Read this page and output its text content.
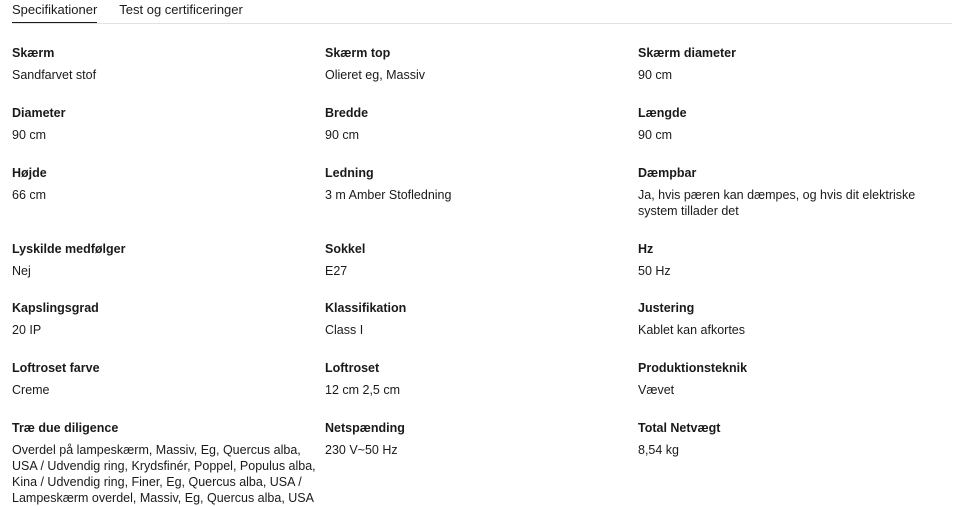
Specifikationer Test og certificeringer
Skærm
Sandfarvet stof
Skærm top
Olieret eg, Massiv
Skærm diameter
90 cm
Diameter
90 cm
Bredde
90 cm
Længde
90 cm
Højde
66 cm
Ledning
3 m Amber Stofledning
Dæmpbar
Ja, hvis pæren kan dæmpes, og hvis dit elektriske system tillader det
Lyskilde medfølger
Nej
Sokkel
E27
Hz
50 Hz
Kapslingsgrad
20 IP
Klassifikation
Class I
Justering
Kablet kan afkortes
Loftroset farve
Creme
Loftroset
12 cm 2,5 cm
Produktionsteknik
Vævet
Træ due diligence
Overdel på lampeskærm, Massiv, Eg, Quercus alba, USA / Udvendig ring, Krydsfinér, Poppel, Populus alba, Kina / Udvendig ring, Finer, Eg, Quercus alba, USA / Lampeskærm overdel, Massiv, Eg, Quercus alba, USA
Netspænding
230 V~50 Hz
Total Netvægt
8,54 kg
